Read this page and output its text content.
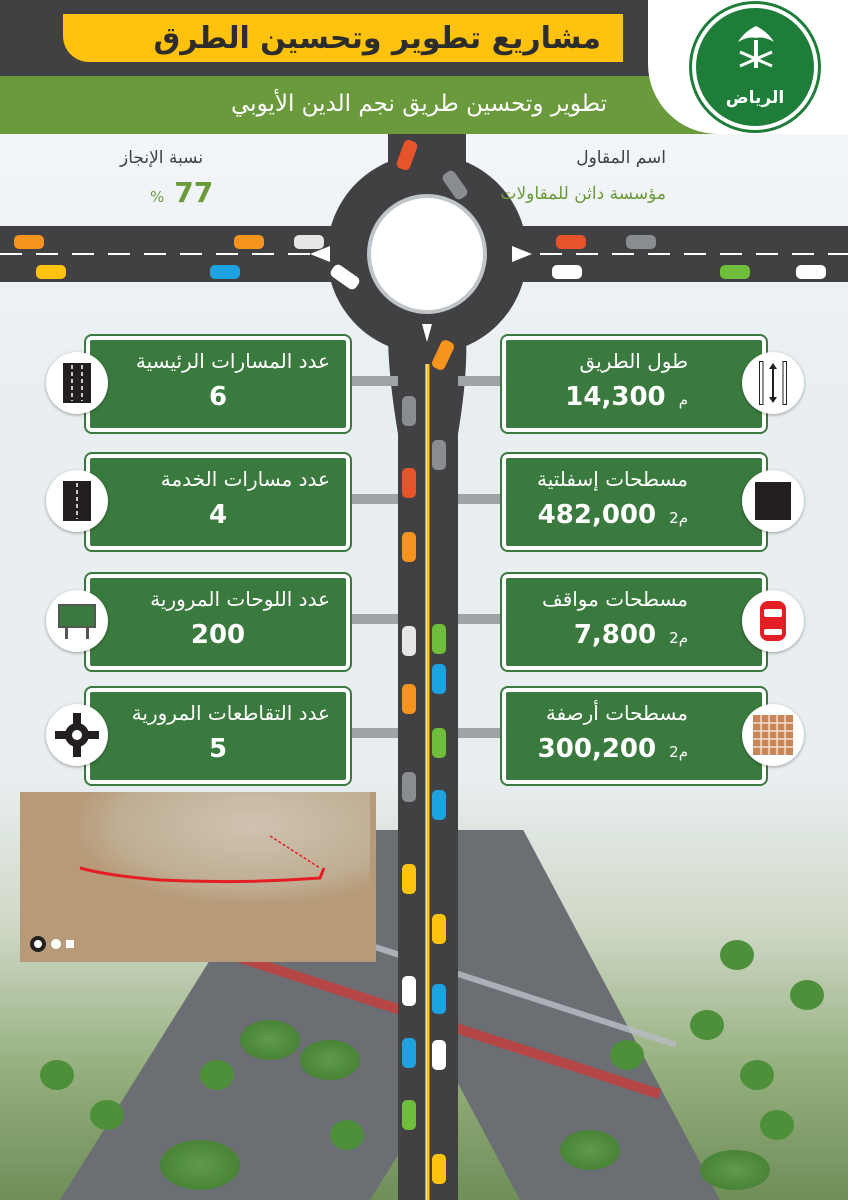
مشاريع تطوير وتحسين الطرق
تطوير وتحسين طريق نجم الدين الأيوبي	الرياض
اسم المقاول
مؤسسة داثن للمقاولات
نسبة الإنجاز
% 77
عدد المسارات الرئيسية
6
عدد مسارات الخدمة
4
عدد اللوحات المرورية
200
عدد التقاطعات المرورية
5
طول الطريق
م 14,300
مسطحات إسفلتية
م2 482,000
مسطحات مواقف
م2 7,800
مسطحات أرصفة
م2 300,200
